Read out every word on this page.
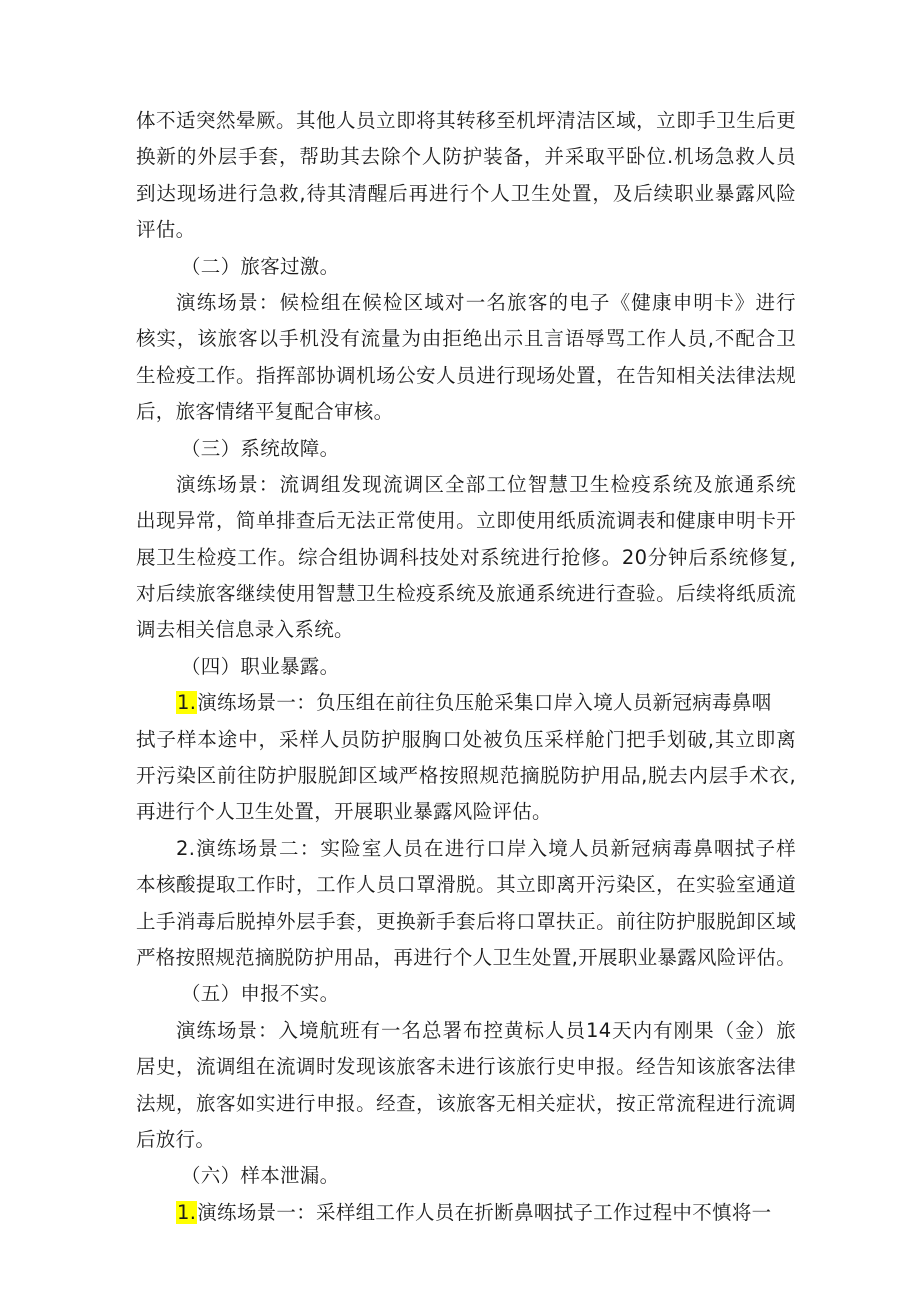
体不适突然晕厥。其他人员立即将其转移至机坪清洁区域，立即手卫生后更
换新的外层手套，帮助其去除个人防护装备，并采取平卧位.机场急救人员
到达现场进行急救,待其清醒后再进行个人卫生处置，及后续职业暴露风险
评估。
（二）旅客过激。
演练场景：候检组在候检区域对一名旅客的电子《健康申明卡》进行
核实，该旅客以手机没有流量为由拒绝出示且言语辱骂工作人员,不配合卫
生检疫工作。指挥部协调机场公安人员进行现场处置，在告知相关法律法规
后，旅客情绪平复配合审核。
（三）系统故障。
演练场景：流调组发现流调区全部工位智慧卫生检疫系统及旅通系统
出现异常，简单排查后无法正常使用。立即使用纸质流调表和健康申明卡开
展卫生检疫工作。综合组协调科技处对系统进行抢修。20分钟后系统修复,
对后续旅客继续使用智慧卫生检疫系统及旅通系统进行查验。后续将纸质流
调去相关信息录入系统。
（四）职业暴露。
1.演练场景一：负压组在前往负压舱采集口岸入境人员新冠病毒鼻咽
拭子样本途中，采样人员防护服胸口处被负压采样舱门把手划破,其立即离
开污染区前往防护服脱卸区域严格按照规范摘脱防护用品,脱去内层手术衣,
再进行个人卫生处置，开展职业暴露风险评估。
2.演练场景二：实险室人员在进行口岸入境人员新冠病毒鼻咽拭子样
本核酸提取工作时，工作人员口罩滑脱。其立即离开污染区，在实验室通道
上手消毒后脱掉外层手套，更换新手套后将口罩扶正。前往防护服脱卸区域
严格按照规范摘脱防护用品，再进行个人卫生处置,开展职业暴露风险评估。
（五）申报不实。
演练场景：入境航班有一名总署布控黄标人员14天内有刚果（金）旅
居史，流调组在流调时发现该旅客未进行该旅行史申报。经告知该旅客法律
法规，旅客如实进行申报。经查，该旅客无相关症状，按正常流程进行流调
后放行。
（六）样本泄漏。
1.演练场景一：采样组工作人员在折断鼻咽拭子工作过程中不慎将一
